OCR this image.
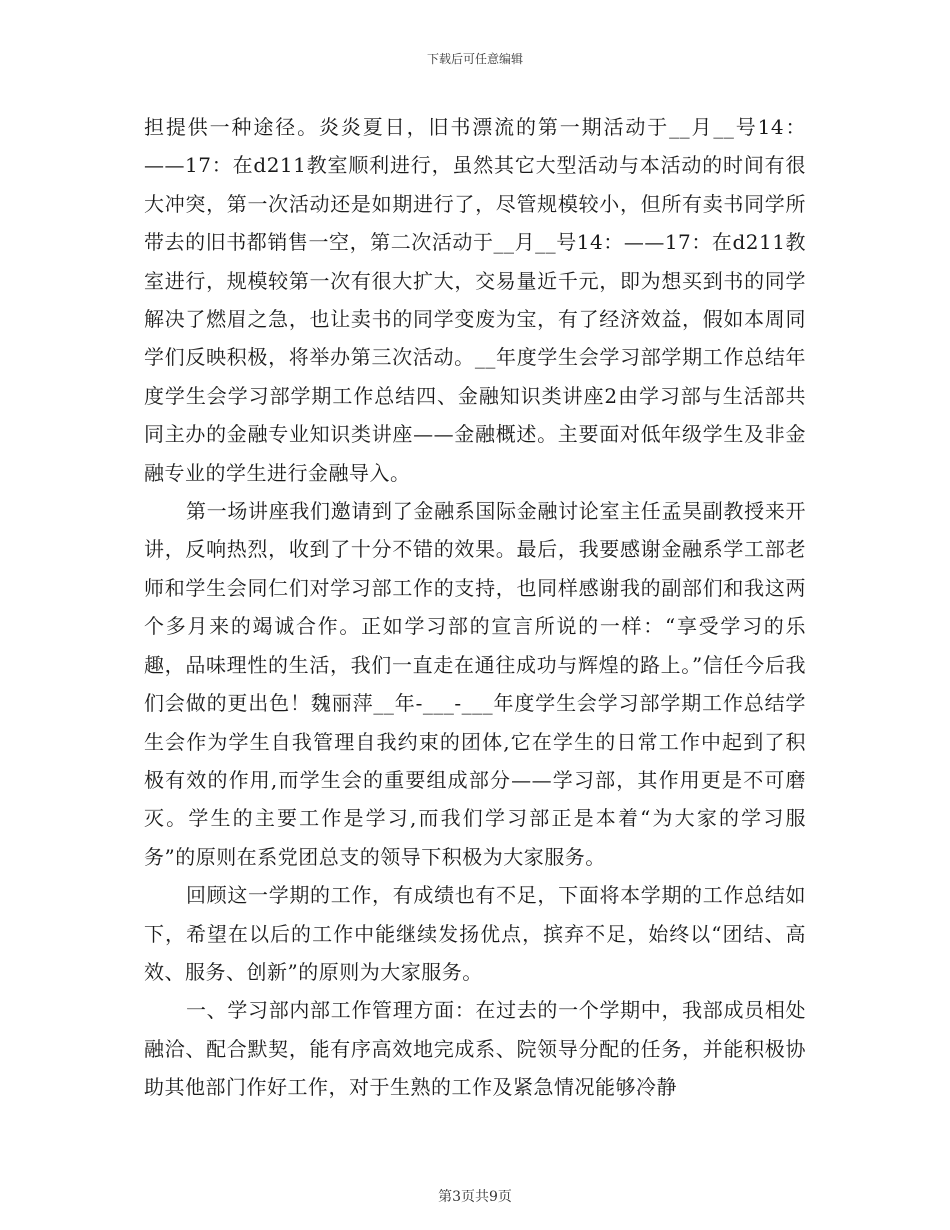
下载后可任意编辑

担提供一种途径。炎炎夏日，旧书漂流的第一期活动于__月__号14：——17：在d211教室顺利进行，虽然其它大型活动与本活动的时间有很大冲突，第一次活动还是如期进行了，尽管规模较小，但所有卖书同学所带去的旧书都销售一空，第二次活动于__月__号14：——17：在d211教室进行，规模较第一次有很大扩大，交易量近千元，即为想买到书的同学解决了燃眉之急，也让卖书的同学变废为宝，有了经济效益，假如本周同学们反映积极，将举办第三次活动。__年度学生会学习部学期工作总结年度学生会学习部学期工作总结四、金融知识类讲座2由学习部与生活部共同主办的金融专业知识类讲座——金融概述。主要面对低年级学生及非金融专业的学生进行金融导入。

第一场讲座我们邀请到了金融系国际金融讨论室主任孟昊副教授来开讲，反响热烈，收到了十分不错的效果。最后，我要感谢金融系学工部老师和学生会同仁们对学习部工作的支持，也同样感谢我的副部们和我这两个多月来的竭诚合作。正如学习部的宣言所说的一样：“享受学习的乐趣，品味理性的生活，我们一直走在通往成功与辉煌的路上。”信任今后我们会做的更出色！魏丽萍__年-___-___年度学生会学习部学期工作总结学生会作为学生自我管理自我约束的团体,它在学生的日常工作中起到了积极有效的作用,而学生会的重要组成部分——学习部，其作用更是不可磨灭。学生的主要工作是学习,而我们学习部正是本着“为大家的学习服务”的原则在系党团总支的领导下积极为大家服务。

回顾这一学期的工作，有成绩也有不足，下面将本学期的工作总结如下，希望在以后的工作中能继续发扬优点，摈弃不足，始终以“团结、高效、服务、创新”的原则为大家服务。

一、学习部内部工作管理方面：在过去的一个学期中，我部成员相处融洽、配合默契，能有序高效地完成系、院领导分配的任务，并能积极协助其他部门作好工作，对于生熟的工作及紧急情况能够冷静

第3页共9页
